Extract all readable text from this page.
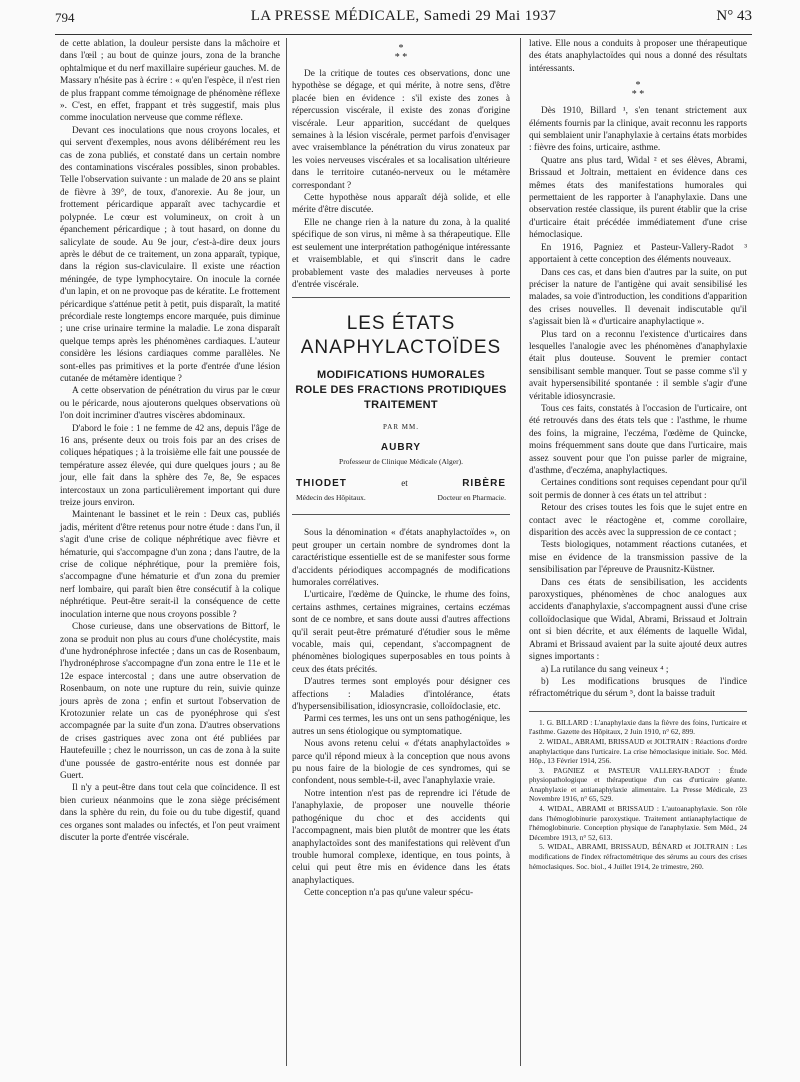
794	LA PRESSE MÉDICALE, Samedi 29 Mai 1937	N° 43

de cette ablation, la douleur persiste dans la mâchoire et dans l'œil ; au bout de quinze jours, zona de la branche ophtalmique et du nerf maxillaire supérieur gauches. M. de Massary n'hésite pas à écrire : « qu'en l'espèce, il n'est rien de plus frappant comme témoignage de phénomène réflexe ». C'est, en effet, frappant et très suggestif, mais plus comme inoculation nerveuse que comme réflexe.

Devant ces inoculations que nous croyons locales, et qui servent d'exemples, nous avons délibérément reu les cas de zona publiés, et constaté dans un certain nombre des contaminations viscérales possibles, sinon probables. Telle l'observation suivante : un malade de 20 ans se plaint de fièvre à 39°, de toux, d'anorexie. Au 8e jour, un frottement péricardique apparaît avec tachycardie et polypnée. Le cœur est volumineux, on croit à un épanchement péricardique ; à tout hasard, on donne du salicylate de soude. Au 9e jour, c'est-à-dire deux jours après le début de ce traitement, un zona apparaît, typique, dans la région sus-claviculaire. Il existe une réaction méningée, de type lymphocytaire. On inocule la cornée d'un lapin, et on ne provoque pas de kératite. Le frottement péricardique s'atténue petit à petit, puis disparaît, la matité précordiale reste longtemps encore marquée, puis diminue ; une crise urinaire termine la maladie. Le zona disparaît quelque temps après les phénomènes cardiaques. L'auteur considère les lésions cardiaques comme parallèles. Ne sont-elles pas primitives et la porte d'entrée d'une lésion cutanée de métamère identique ?

A cette observation de pénétration du virus par le cœur ou le péricarde, nous ajouterons quelques observations où l'on doit incriminer d'autres viscères abdominaux.

D'abord le foie : 1 ne femme de 42 ans, depuis l'âge de 16 ans, présente deux ou trois fois par an des crises de coliques hépatiques ; à la troisième elle fait une poussée de température assez élevée, qui dure quelques jours ; au 8e jour, elle fait dans la sphère des 7e, 8e, 9e espaces intercostaux un zona particulièrement important qui dure treize jours environ.

Maintenant le bassinet et le rein : Deux cas, publiés jadis, méritent d'être retenus pour notre étude : dans l'un, il s'agit d'une crise de colique néphrétique avec fièvre et hématurie, qui s'accompagne d'un zona ; dans l'autre, de la crise de colique néphrétique, pour la première fois, s'accompagne d'une hématurie et d'un zona du premier nerf lombaire, qui paraît bien être consécutif à la colique néphrétique. Peut-être serait-il la conséquence de cette inoculation interne que nous croyons possible ?

Chose curieuse, dans une observations de Bittorf, le zona se produit non plus au cours d'une cholécystite, mais d'une hydronéphrose infectée ; dans un cas de Rosenbaum, l'hydronéphrose s'accompagne d'un zona entre le 11e et le 12e espace intercostal ; dans une autre observation de Rosenbaum, on note une rupture du rein, suivie quinze jours après de zona ; enfin et surtout l'observation de Krotozunier relate un cas de pyonéphrose qui s'est accompagnée par la suite d'un zona. D'autres observations de crises gastriques avec zona ont été publiées par Hautefeuille ; chez le nourrisson, un cas de zona à la suite d'une poussée de gastro-entérite nous est donnée par Guert.

Il n'y a peut-être dans tout cela que coïncidence. Il est bien curieux néanmoins que le zona siège précisément dans la sphère du rein, du foie ou du tube digestif, quand ces organes sont malades ou infectés, et l'on peut vraiment discuter la porte d'entrée viscérale.

*
* *

De la critique de toutes ces observations, donc une hypothèse se dégage, et qui mérite, à notre sens, d'être placée bien en évidence : s'il existe des zones à répercussion viscérale, il existe des zonas d'origine viscérale. Leur apparition, succédant de quelques semaines à la lésion viscérale, permet parfois d'envisager avec vraisemblance la pénétration du virus zonateux par les voies nerveuses viscérales et sa localisation ultérieure dans le territoire cutanéo-nerveux ou le métamère correspondant ?

Cette hypothèse nous apparaît déjà solide, et elle mérite d'être discutée.

Elle ne change rien à la nature du zona, à la qualité spécifique de son virus, ni même à sa thérapeutique. Elle est seulement une interprétation pathogénique intéressante et vraisemblable, et qui s'inscrit dans le cadre probablement vaste des maladies nerveuses à porte d'entrée viscérale.

LES ÉTATS
ANAPHYLACTOÏDES
MODIFICATIONS HUMORALES
ROLE DES FRACTIONS PROTIDIQUES
TRAITEMENT
PAR MM.
AUBRY
Professeur de Clinique Médicale (Alger).
THIODET	et	RIBÈRE
Médecin des Hôpitaux.	Docteur en Pharmacie.

Sous la dénomination « d'états anaphylactoïdes », on peut grouper un certain nombre de syndromes dont la caractéristique essentielle est de se manifester sous forme d'accidents périodiques accompagnés de modifications humorales corrélatives.

L'urticaire, l'œdème de Quincke, le rhume des foins, certains asthmes, certaines migraines, certains eczémas sont de ce nombre, et sans doute aussi d'autres affections qu'il serait peut-être prématuré d'étudier sous le même vocable, mais qui, cependant, s'accompagnent de phénomènes biologiques superposables en tous points à ceux des états précités.

D'autres termes sont employés pour désigner ces affections : Maladies d'intolérance, états d'hypersensibilisation, idiosyncrasie, colloïdoclasie, etc.

Parmi ces termes, les uns ont un sens pathogénique, les autres un sens étiologique ou symptomatique.

Nous avons retenu celui « d'états anaphylactoïdes » parce qu'il répond mieux à la conception que nous avons pu nous faire de la biologie de ces syndromes, qui se confondent, nous semble-t-il, avec l'anaphylaxie vraie.

Notre intention n'est pas de reprendre ici l'étude de l'anaphylaxie, de proposer une nouvelle théorie pathogénique du choc et des accidents qui l'accompagnent, mais bien plutôt de montrer que les états anaphylactoïdes sont des manifestations qui relèvent d'un trouble humoral complexe, identique, en tous points, à celui qui peut être mis en évidence dans les états anaphylactiques.

Cette conception n'a pas qu'une valeur spécu-

lative. Elle nous a conduits à proposer une thérapeutique des états anaphylactoïdes qui nous a donné des résultats intéressants.

*
* *

Dès 1910, Billard ¹, s'en tenant strictement aux éléments fournis par la clinique, avait reconnu les rapports qui semblaient unir l'anaphylaxie à certains états morbides : fièvre des foins, urticaire, asthme.

Quatre ans plus tard, Widal ² et ses élèves, Abrami, Brissaud et Joltrain, mettaient en évidence dans ces mêmes états des manifestations humorales qui permettaient de les rapporter à l'anaphylaxie. Dans une observation restée classique, ils purent établir que la crise d'urticaire était précédée immédiatement d'une crise hémoclasique.

En 1916, Pagniez et Pasteur-Vallery-Radot ³ apportaient à cette conception des éléments nouveaux.

Dans ces cas, et dans bien d'autres par la suite, on put préciser la nature de l'antigène qui avait sensibilisé les malades, sa voie d'introduction, les conditions d'apparition des crises nouvelles. Il devenait indiscutable qu'il s'agissait bien là « d'urticaire anaphylactique ».

Plus tard on a reconnu l'existence d'urticaires dans lesquelles l'analogie avec les phénomènes d'anaphylaxie était plus douteuse. Souvent le premier contact sensibilisant semble manquer. Tout se passe comme s'il y avait hypersensibilité spontanée : il semble s'agir d'une véritable idiosyncrasie.

Tous ces faits, constatés à l'occasion de l'urticaire, ont été retrouvés dans des états tels que : l'asthme, le rhume des foins, la migraine, l'eczéma, l'œdème de Quincke, moins fréquemment sans doute que dans l'urticaire, mais assez souvent pour que l'on puisse parler de migraine, d'asthme, d'eczéma, anaphylactiques.

Certaines conditions sont requises cependant pour qu'il soit permis de donner à ces états un tel attribut :

Retour des crises toutes les fois que le sujet entre en contact avec le réactogène et, comme corollaire, disparition des accès avec la suppression de ce contact ;

Tests biologiques, notamment réactions cutanées, et mise en évidence de la transmission passive de la sensibilisation par l'épreuve de Prausnitz-Küstner.

Dans ces états de sensibilisation, les accidents paroxystiques, phénomènes de choc analogues aux accidents d'anaphylaxie, s'accompagnent aussi d'une crise colloïdoclasique que Widal, Abrami, Brissaud et Joltrain ont si bien décrite, et aux éléments de laquelle Widal, Abrami et Brissaud avaient par la suite ajouté deux autres signes importants :

a) La rutilance du sang veineux ⁴ ;

b) Les modifications brusques de l'indice réfractométrique du sérum ⁵, dont la baisse traduit

1. G. BILLARD : L'anaphylaxie dans la fièvre des foins, l'urticaire et l'asthme. Gazette des Hôpitaux, 2 Juin 1910, n° 62, 899.

2. WIDAL, ABRAMI, BRISSAUD et JOLTRAIN : Réactions d'ordre anaphylactique dans l'urticaire. La crise hémoclasique initiale. Soc. Méd. Hôp., 13 Février 1914, 256.

3. PAGNIEZ et PASTEUR VALLERY-RADOT : Étude physiopathologique et thérapeutique d'un cas d'urticaire géante. Anaphylaxie et antianaphylaxie alimentaire. La Presse Médicale, 23 Novembre 1916, n° 65, 529.

4. WIDAL, ABRAMI et BRISSAUD : L'autoanaphylaxie. Son rôle dans l'hémoglobinurie paroxystique. Traitement antianaphylactique de l'hémoglobinurie. Conception physique de l'anaphylaxie. Sem Méd., 24 Décembre 1913, n° 52, 613.

5. WIDAL, ABRAMI, BRISSAUD, BÉNARD et JOLTRAIN : Les modifications de l'index réfractométrique des sérums au cours des crises hémoclasiques. Soc. biol., 4 Juillet 1914, 2e trimestre, 260.
